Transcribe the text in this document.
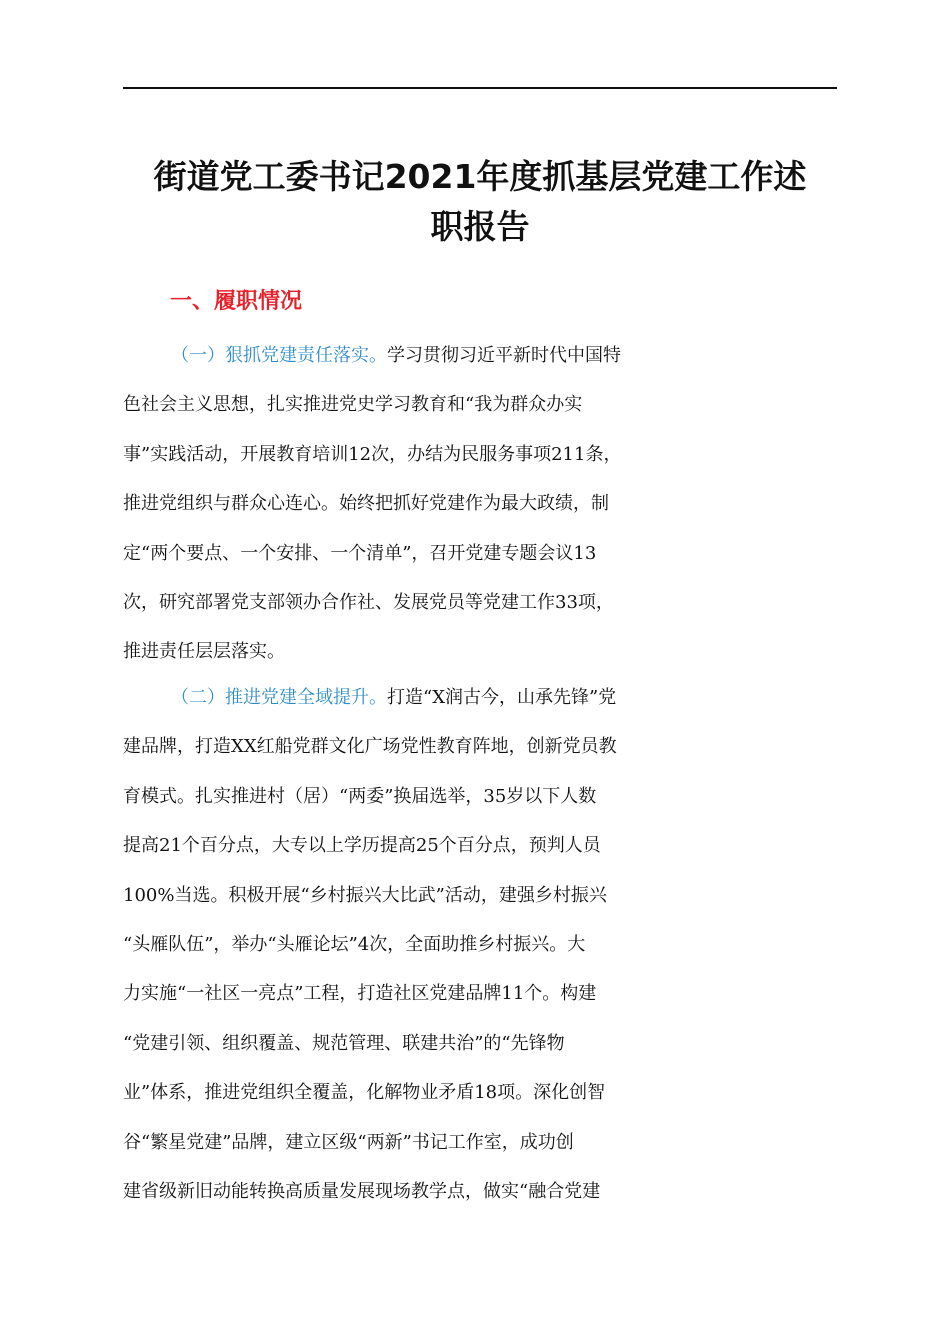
街道党工委书记2021年度抓基层党建工作述
职报告
一、履职情况
（一）狠抓党建责任落实。学习贯彻习近平新时代中国特
色社会主义思想，扎实推进党史学习教育和“我为群众办实
事”实践活动，开展教育培训12次，办结为民服务事项211条，
推进党组织与群众心连心。始终把抓好党建作为最大政绩，制
定“两个要点、一个安排、一个清单”，召开党建专题会议13
次，研究部署党支部领办合作社、发展党员等党建工作33项，
推进责任层层落实。
（二）推进党建全域提升。打造“X润古今，山承先锋”党
建品牌，打造XX红船党群文化广场党性教育阵地，创新党员教
育模式。扎实推进村（居）“两委”换届选举，35岁以下人数
提高21个百分点，大专以上学历提高25个百分点，预判人员
100%当选。积极开展“乡村振兴大比武”活动，建强乡村振兴
“头雁队伍”，举办“头雁论坛”4次，全面助推乡村振兴。大
力实施“一社区一亮点”工程，打造社区党建品牌11个。构建
“党建引领、组织覆盖、规范管理、联建共治”的“先锋物
业”体系，推进党组织全覆盖，化解物业矛盾18项。深化创智
谷“繁星党建”品牌，建立区级“两新”书记工作室，成功创
建省级新旧动能转换高质量发展现场教学点，做实“融合党建
